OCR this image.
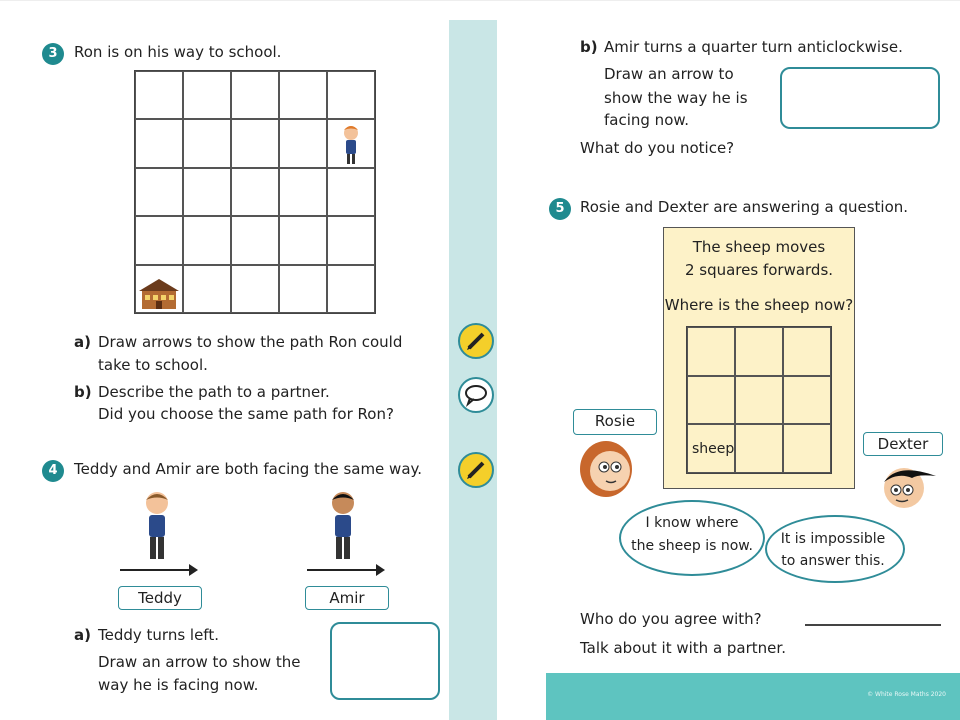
3	Ron is on his way to school.
a) Draw arrows to show the path Ron could
take to school.
b) Describe the path to a partner.
Did you choose the same path for Ron?
4	Teddy and Amir are both facing the same way.
Teddy	Amir
a) Teddy turns left.
Draw an arrow to show the
way he is facing now.
b) Amir turns a quarter turn anticlockwise.
Draw an arrow to
show the way he is
facing now.
What do you notice?
5	Rosie and Dexter are answering a question.
The sheep moves
2 squares forwards.
Where is the sheep now?
sheep
Rosie
Dexter
I know where
the sheep is now.	It is impossible
to answer this.
Who do you agree with?
Talk about it with a partner.
© White Rose Maths 2020
